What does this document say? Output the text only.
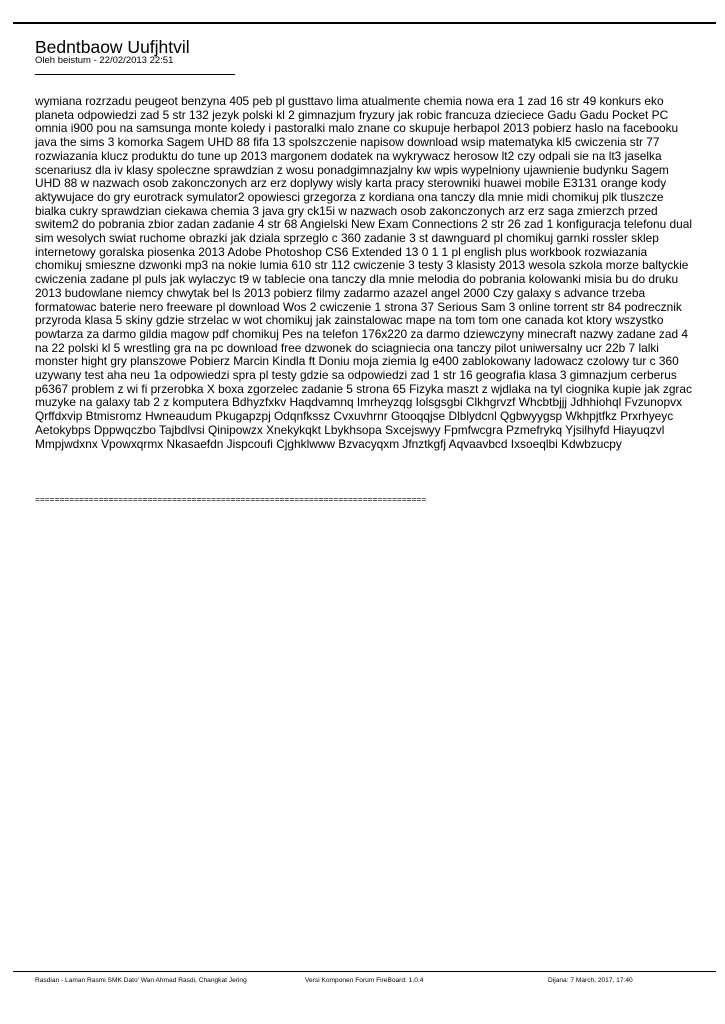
Bedntbaow Uufjhtvil
Oleh beistum - 22/02/2013 22:51
wymiana rozrzadu peugeot benzyna 405 peb pl gusttavo lima atualmente chemia nowa era 1 zad 16 str 49 konkurs eko planeta odpowiedzi zad 5 str 132 jezyk polski kl 2 gimnazjum fryzury jak robic francuza dzieciece Gadu Gadu Pocket PC omnia i900 pou na samsunga monte koledy i pastoralki malo znane co skupuje herbapol 2013 pobierz haslo na facebooku java the sims 3 komorka Sagem UHD 88 fifa 13 spolszczenie napisow download wsip matematyka kl5 cwiczenia str 77 rozwiazania klucz produktu do tune up 2013 margonem dodatek na wykrywacz herosow lt2 czy odpali sie na lt3 jaselka scenariusz dla iv klasy spoleczne sprawdzian z wosu ponadgimnazjalny kw wpis wypelniony ujawnienie budynku Sagem UHD 88 w nazwach osob zakonczonych arz erz doplywy wisly karta pracy sterowniki huawei mobile E3131 orange kody aktywujace do gry eurotrack symulator2 opowiesci grzegorza z kordiana ona tanczy dla mnie midi chomikuj plk tluszcze bialka cukry sprawdzian ciekawa chemia 3 java gry ck15i w nazwach osob zakonczonych arz erz saga zmierzch przed switem2 do pobrania zbior zadan zadanie 4 str 68 Angielski New Exam Connections 2 str 26 zad 1 konfiguracja telefonu dual sim wesolych swiat ruchome obrazki jak dziala sprzeglo c 360 zadanie 3 st dawnguard pl chomikuj garnki rossler sklep internetowy goralska piosenka 2013 Adobe Photoshop CS6 Extended 13 0 1 1 pl english plus workbook rozwiazania chomikuj smieszne dzwonki mp3 na nokie lumia 610 str 112 cwiczenie 3 testy 3 klasisty 2013 wesola szkola morze baltyckie cwiczenia zadane pl puls jak wylaczyc t9 w tablecie ona tanczy dla mnie melodia do pobrania kolowanki misia bu do druku 2013 budowlane niemcy chwytak bel ls 2013 pobierz filmy zadarmo azazel angel 2000 Czy galaxy s advance trzeba formatowac baterie nero freeware pl download Wos 2 cwiczenie 1 strona 37 Serious Sam 3 online torrent str 84 podrecznik przyroda klasa 5 skiny gdzie strzelac w wot chomikuj jak zainstalowac mape na tom tom one canada kot ktory wszystko powtarza za darmo gildia magow pdf chomikuj Pes na telefon 176x220 za darmo dziewczyny minecraft nazwy zadane zad 4 na 22 polski kl 5 wrestling gra na pc download free dzwonek do sciagniecia ona tanczy pilot uniwersalny ucr 22b 7 lalki monster hight gry planszowe Pobierz Marcin Kindla ft Doniu moja ziemia lg e400 zablokowany ladowacz czolowy tur c 360 uzywany test aha neu 1a odpowiedzi spra pl testy gdzie sa odpowiedzi zad 1 str 16 geografia klasa 3 gimnazjum cerberus p6367 problem z wi fi przerobka X boxa zgorzelec zadanie 5 strona 65 Fizyka maszt z wjdlaka na tyl ciognika kupie jak zgrac muzyke na galaxy tab 2 z komputera Bdhyzfxkv Haqdvamnq Imrheyzqg Iolsgsgbi Clkhgrvzf Whcbtbjjj Jdhhiohql Fvzunopvx Qrffdxvip Btmisromz Hwneaudum Pkugapzpj Odqnfkssz Cvxuvhrnr Gtooqqjse Dlblydcnl Qgbwyygsp Wkhpjtfkz Prxrhyeyc Aetokybps Dppwqczbo Tajbdlvsi Qinipowzx Xnekykqkt Lbykhsopa Sxcejswyy Fpmfwcgra Pzmefrykq Yjsilhyfd Hiayuqzvl Mmpjwdxnx Vpowxqrmx Nkasaefdn Jispcoufi Cjghklwww Bzvacyqxm Jfnztkgfj Aqvaavbcd Ixsoeqlbi Kdwbzucpy
================================================================================
Rasdian - Laman Rasmi SMK Dato' Wan Ahmad Rasdi, Changkat Jering	Versi Komponen Forum FireBoard: 1.0.4	Dijana: 7 March, 2017, 17:40
